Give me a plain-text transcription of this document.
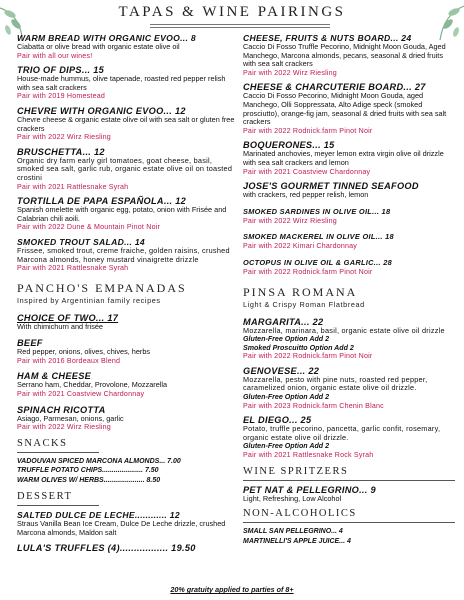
TAPAS & WINE PAIRINGS
WARM BREAD WITH ORGANIC EVOO... 8
Ciabatta or olive bread with organic estate olive oil
Pair with all our wines!
TRIO OF DIPS... 15
House-made hummus, olive tapenade, roasted red pepper relish with sea salt crackers
Pair with 2019 Homestead
CHEVRE WITH ORGANIC EVOO... 12
Chevre cheese & organic estate olive oil with sea salt or gluten free crackers
Pair with 2022 Wirz Riesling
BRUSCHETTA... 12
Organic dry farm early girl tomatoes, goat cheese, basil, smoked sea salt, garlic rub, organic estate olive oil on toasted crostini
Pair with 2021 Rattlesnake Syrah
TORTILLA DE PAPA ESPAÑOLA... 12
Spanish omelette with organic egg, potato, onion with Frisée and Calabrian chili aoili.
Pair with 2022 Dune & Mountain Pinot Noir
SMOKED TROUT SALAD... 14
Frissee, smoked trout, creme fraiche, golden raisins, crushed Marcona almonds, honey mustard vinaigrette drizzle
Pair with 2021 Rattlesnake Syrah
PANCHO'S EMPANADAS
Inspired by Argentinian family recipes
CHOICE OF TWO... 17
With chimichurri and frisée
BEEF
Red pepper, onions, olives, chives, herbs
Pair with 2016 Bordeaux Blend
HAM & CHEESE
Serrano ham, Cheddar, Provolone, Mozzarella
Pair with 2021 Coastview Chardonnay
SPINACH RICOTTA
Asiago, Parmesan, onions, garlic
Pair with 2022 Wirz Riesling
SNACKS
VADOUVAN SPICED MARCONA ALMONDS... 7.00
TRUFFLE POTATO CHIPS..................... 7.50
WARM OLIVES W/ HERBS..................... 8.50
DESSERT
SALTED DULCE DE LECHE............ 12
Straus Vanilla Bean Ice Cream, Dulce De Leche drizzle, crushed Marcona almonds, Maldon salt
LULA'S TRUFFLES (4)................. 19.50
CHEESE, FRUITS & NUTS BOARD... 24
Caccio Di Fosso Truffle Pecorino, Midnight Moon Gouda, Aged Manchego, Marcona almonds, pecans, seasonal & dried fruits with sea salt crackers
Pair with 2022 Wirz Riesling
CHEESE & CHARCUTERIE BOARD... 27
Caccio Di Fosso Pecorino, Midnight Moon Gouda, aged Manchego, Olli Soppressata, Alto Adige speck (smoked prosciutto), orange-fig jam, seasonal & dried fruits with sea salt crackers
Pair with 2022 Rodnick.farm Pinot Noir
BOQUERONES... 15
Marinated anchovies, meyer lemon extra virgin olive oil drizzle with sea salt crackers and lemon
Pair with 2021 Coastview Chardonnay
JOSE'S GOURMET TINNED SEAFOOD
with crackers, red pepper relish, lemon
SMOKED SARDINES IN OLIVE OIL... 18
Pair with 2022 Wirz Riesling
SMOKED MACKEREL IN OLIVE OIL... 18
Pair with 2022 Kimari Chardonnay
OCTOPUS IN OLIVE OIL & GARLIC... 28
Pair with 2022 Rodnick.farm Pinot Noir
PINSA ROMANA
Light & Crispy Roman Flatbread
MARGARITA... 22
Mozzarella, marinara, basil, organic estate olive oil drizzle
Gluten-Free Option Add 2
Smoked Proscuitto Option Add 2
Pair with 2022 Rodnick.farm Pinot Noir
GENOVESE... 22
Mozzarella, pesto with pine nuts, roasted red pepper, caramelized onion, organic estate olive oil drizzle.
Gluten-Free Option Add 2
Pair with 2023 Rodnick.farm Chenin Blanc
EL DIEGO... 25
Potato, truffle pecorino, pancetta, garlic confit, rosemary, organic estate olive oil drizzle.
Gluten-Free Option Add 2
Pair with 2021 Rattlesnake Rock Syrah
WINE SPRITZERS
PET NAT & PELLEGRINO... 9
Light, Refreshing, Low Alcohol
NON-ALCOHOLICS
SMALL SAN PELLEGRINO... 4
MARTINELLI'S APPLE JUICE... 4
20% gratuity applied to parties of 8+
